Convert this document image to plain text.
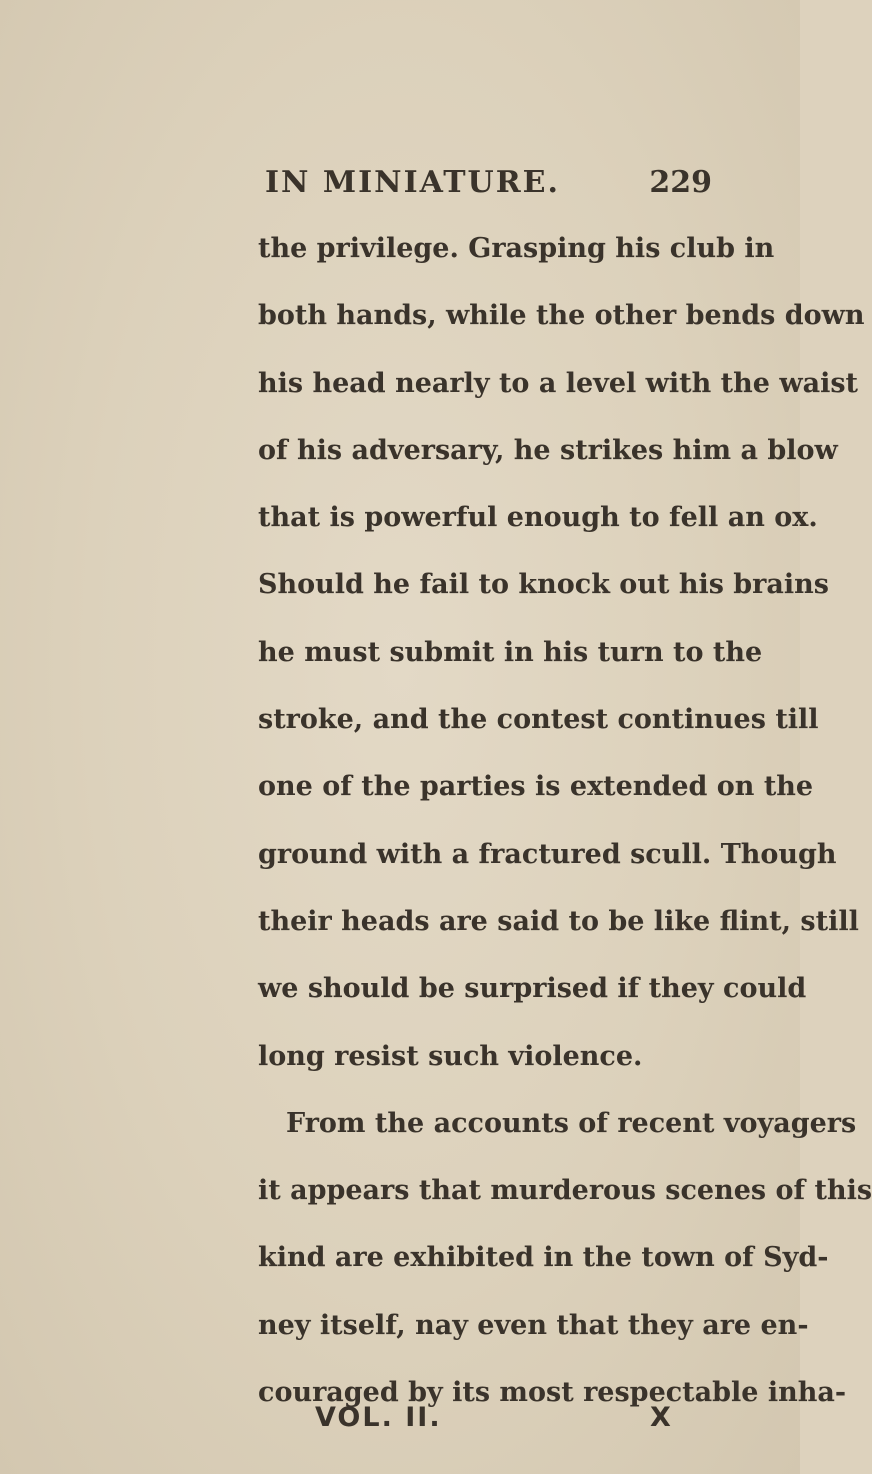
IN MINIATURE.	229
the privilege. Grasping his club in
both hands, while the other bends down
his head nearly to a level with the waist
of his adversary, he strikes him a blow
that is powerful enough to fell an ox.
Should he fail to knock out his brains
he must submit in his turn to the
stroke, and the contest continues till
one of the parties is extended on the
ground with a fractured scull. Though
their heads are said to be like flint, still
we should be surprised if they could
long resist such violence.
From the accounts of recent voyagers
it appears that murderous scenes of this
kind are exhibited in the town of Syd-
ney itself, nay even that they are en-
couraged by its most respectable inha-
VOL. II.	X
